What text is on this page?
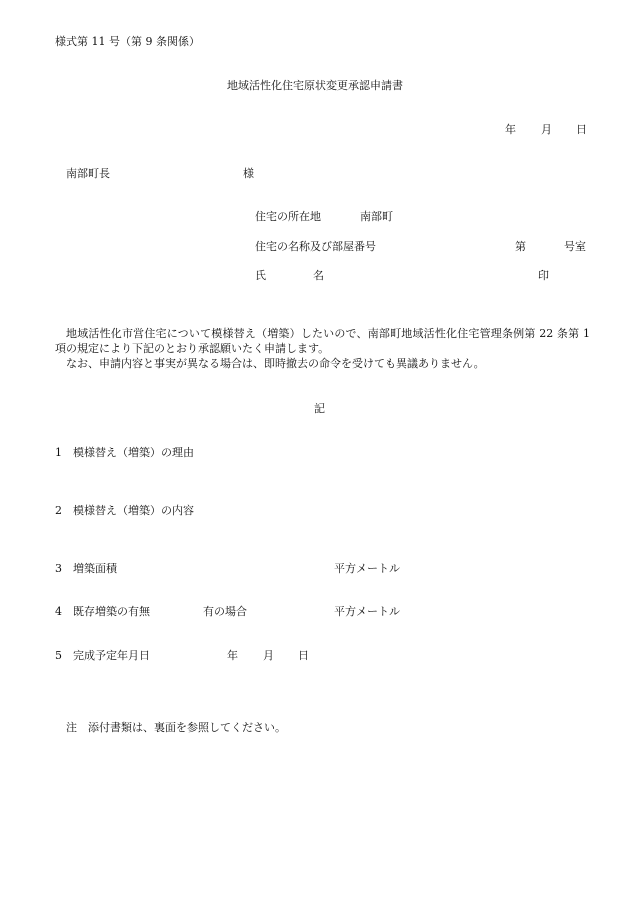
様式第 11 号（第 9 条関係）
地域活性化住宅原状変更承認申請書
年 月 日
南部町長	様
住宅の所在地	南部町
住宅の名称及び部屋番号	第	号室
氏	名	印

地域活性化市営住宅について模様替え（増築）したいので、南部町地域活性化住宅管理条例第 22 条第 1 項の規定により下記のとおり承認願いたく申請します。

なお、申請内容と事実が異なる場合は、即時撤去の命令を受けても異議ありません。

記
1 模様替え（増築）の理由
2 模様替え（増築）の内容
3 増築面積	平方メートル
4 既存増築の有無	有の場合	平方メートル
5 完成予定年月日	年 月 日
注　添付書類は、裏面を参照してください。
